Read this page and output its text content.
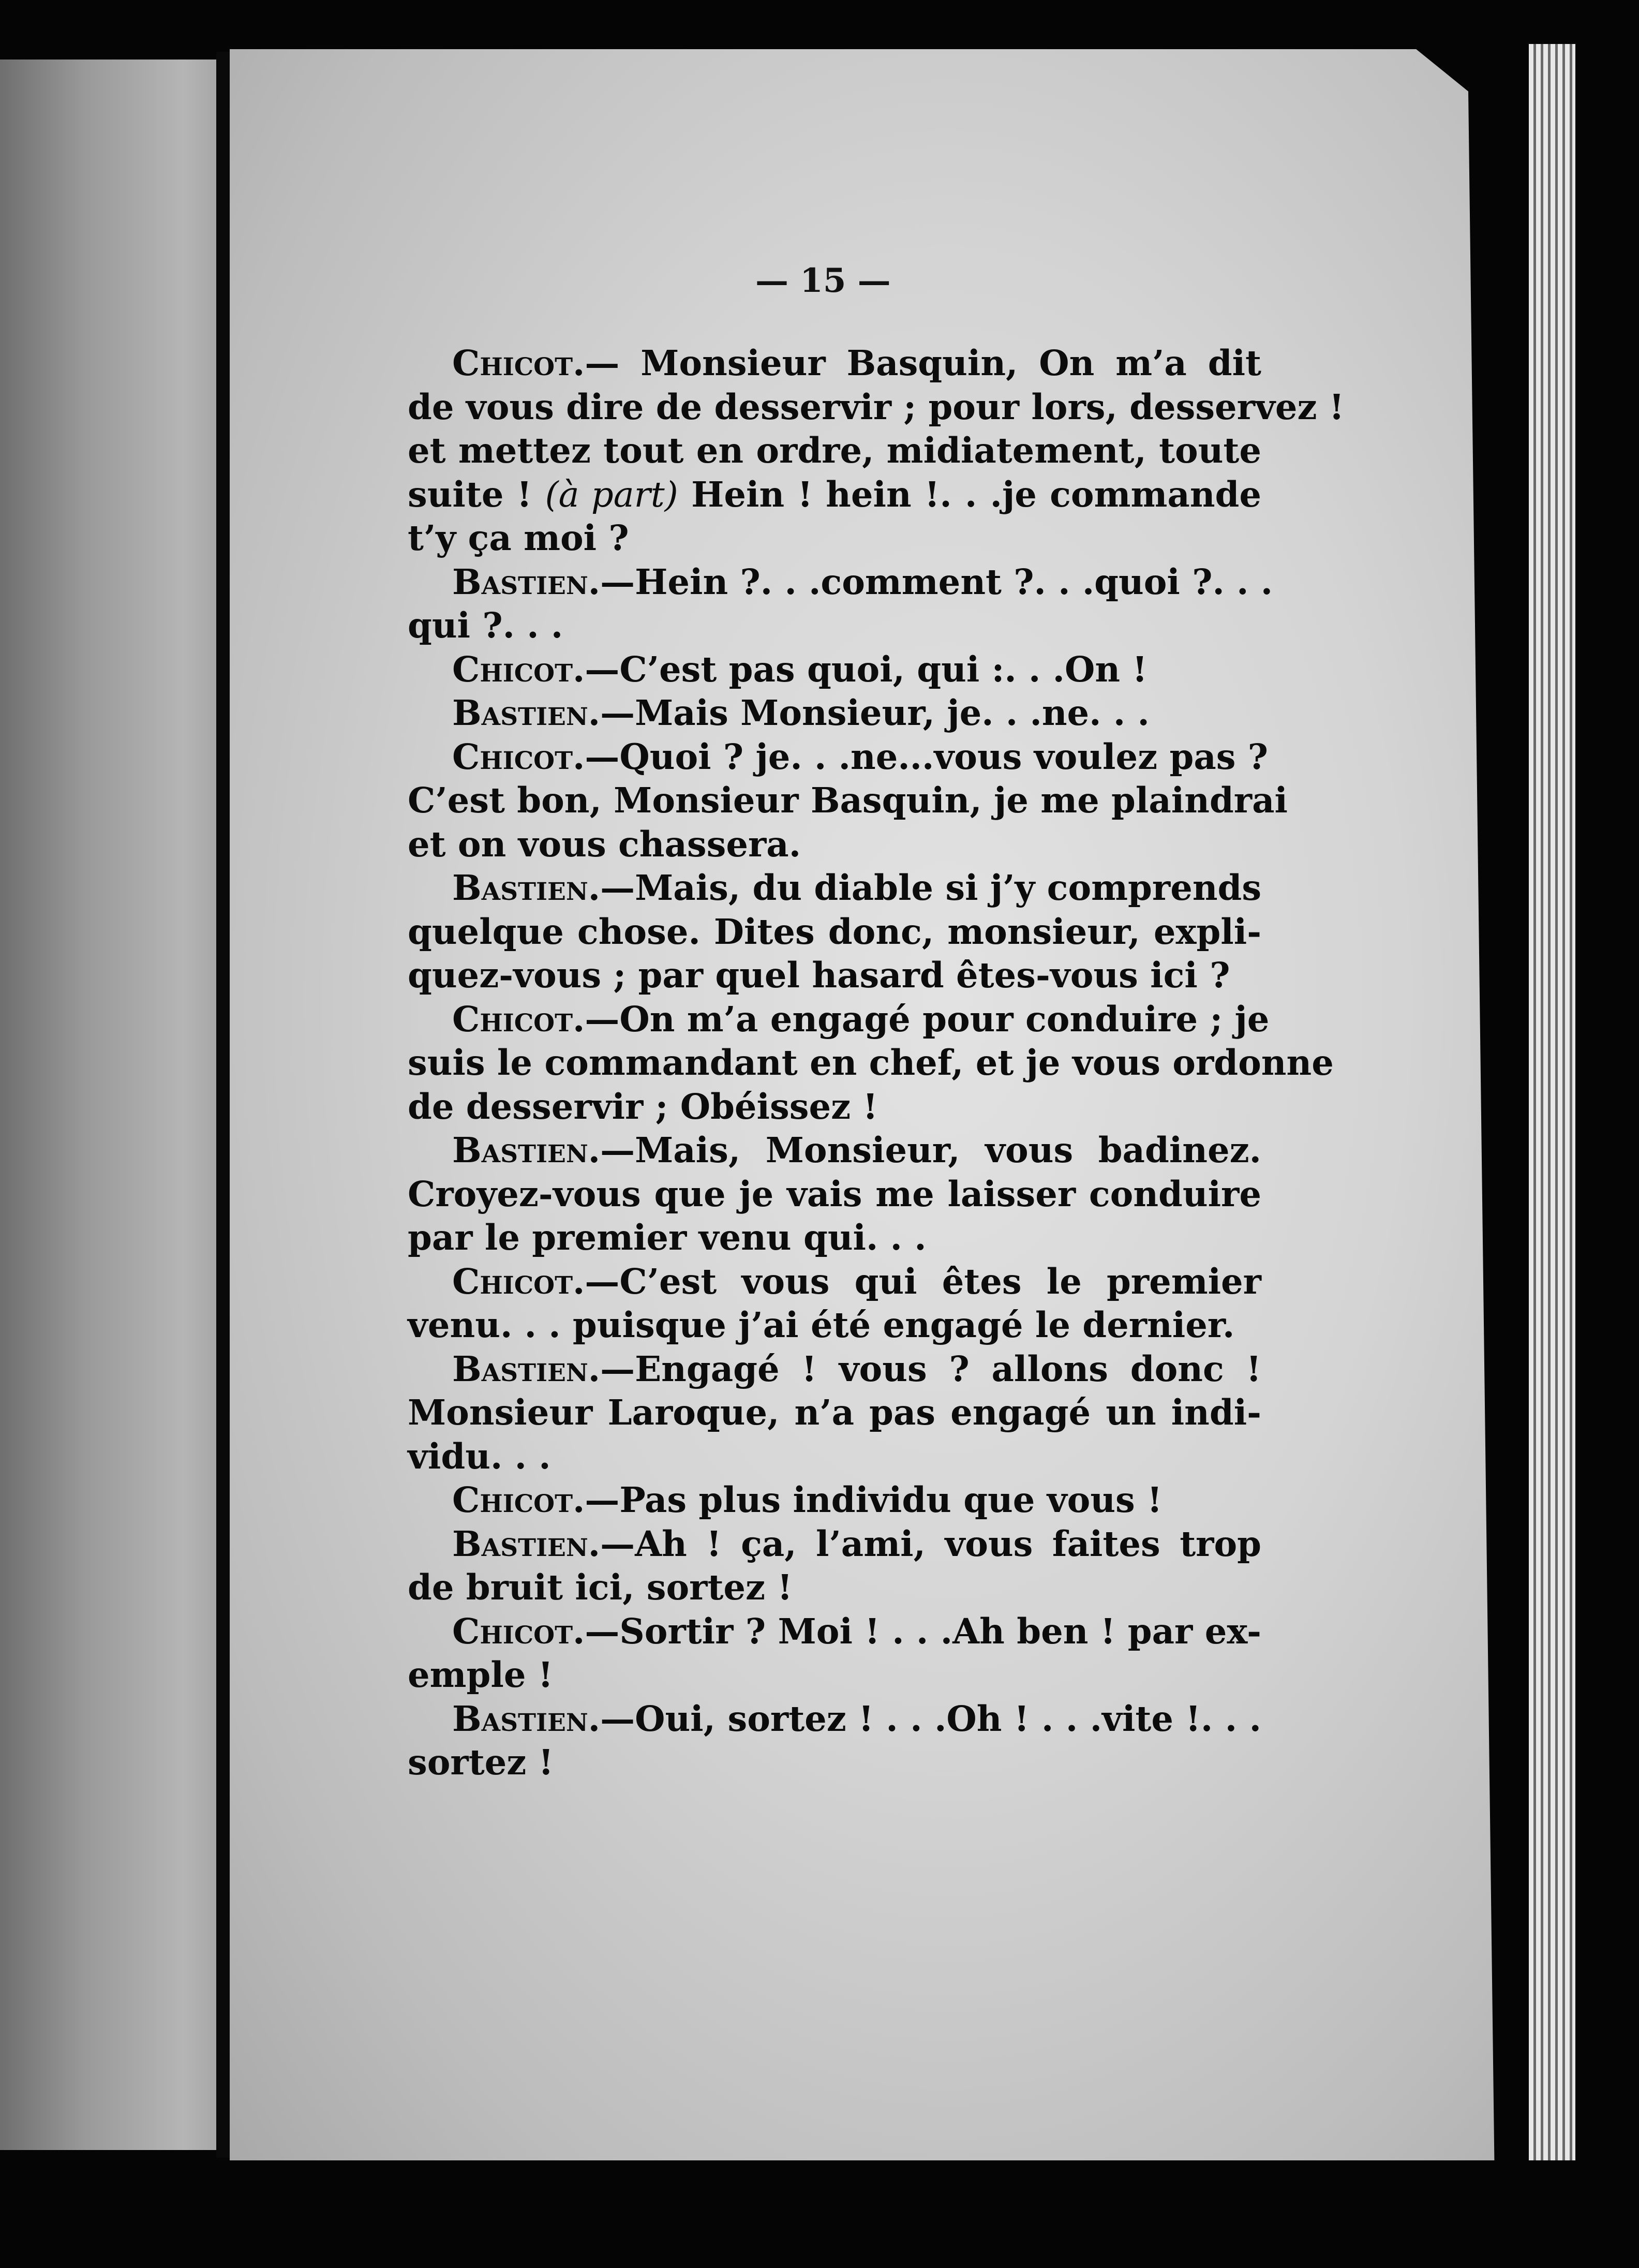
— 15 —
Chicot.— Monsieur Basquin, On m’a dit
de vous dire de desservir ; pour lors, desservez !
et mettez tout en ordre, midiatement, toute
suite ! (à part) Hein ! hein !. . .je commande
t’y ça moi ?
Bastien.—Hein ?. . .comment ?. . .quoi ?. . .
qui ?. . .
Chicot.—C’est pas quoi, qui :. . .On !
Bastien.—Mais Monsieur, je. . .ne. . .
Chicot.—Quoi ? je. . .ne...vous voulez pas ?
C’est bon, Monsieur Basquin, je me plaindrai
et on vous chassera.
Bastien.—Mais, du diable si j’y comprends
quelque chose. Dites donc, monsieur, expli-
quez-vous ; par quel hasard êtes-vous ici ?
Chicot.—On m’a engagé pour conduire ; je
suis le commandant en chef, et je vous ordonne
de desservir ; Obéissez !
Bastien.—Mais, Monsieur, vous badinez.
Croyez-vous que je vais me laisser conduire
par le premier venu qui. . .
Chicot.—C’est vous qui êtes le premier
venu. . . puisque j’ai été engagé le dernier.
Bastien.—Engagé ! vous ? allons donc !
Monsieur Laroque, n’a pas engagé un indi-
vidu. . .
Chicot.—Pas plus individu que vous !
Bastien.—Ah ! ça, l’ami, vous faites trop
de bruit ici, sortez !
Chicot.—Sortir ? Moi ! . . .Ah ben ! par ex-
emple !
Bastien.—Oui, sortez ! . . .Oh ! . . .vite !. . .
sortez !
